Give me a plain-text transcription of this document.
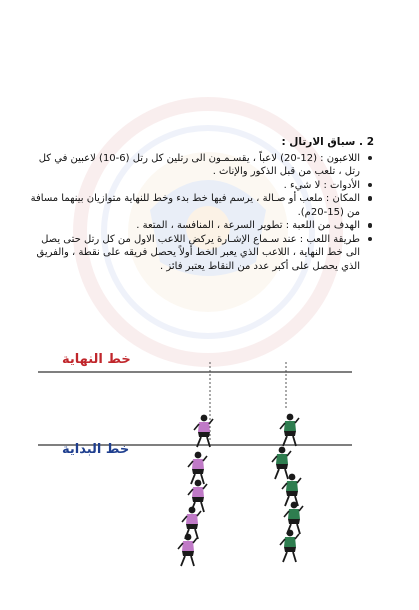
2 . سباق الارتال :
اللاعبون : (12-20) لاعباً ، يقسـمـون الى رتلين كل رتل (6-10) لاعبين في كل رتل ، تلعب من قبل الذكور والإناث .
الأدوات : لا شيء .
المكان : ملعب أو صـالة ، يرسم فيها خط بدء وخط للنهاية متوازيان بينهما مسافة من (15-20م).
الهدف من اللعبة : تطوير السرعة ، المنافسة ، المتعة .
طريقة اللعب : عند سـماع الإشـارة يركض اللاعب الاول من كل رتل حتى يصل الى خط النهاية ، اللاعب الذي يعبر الخط أولاً يحصل فريقه على نقطة ، والفريق الذي يحصل على أكبر عدد من النقاط يعتبر فائز .
خط النهاية
خط البداية
